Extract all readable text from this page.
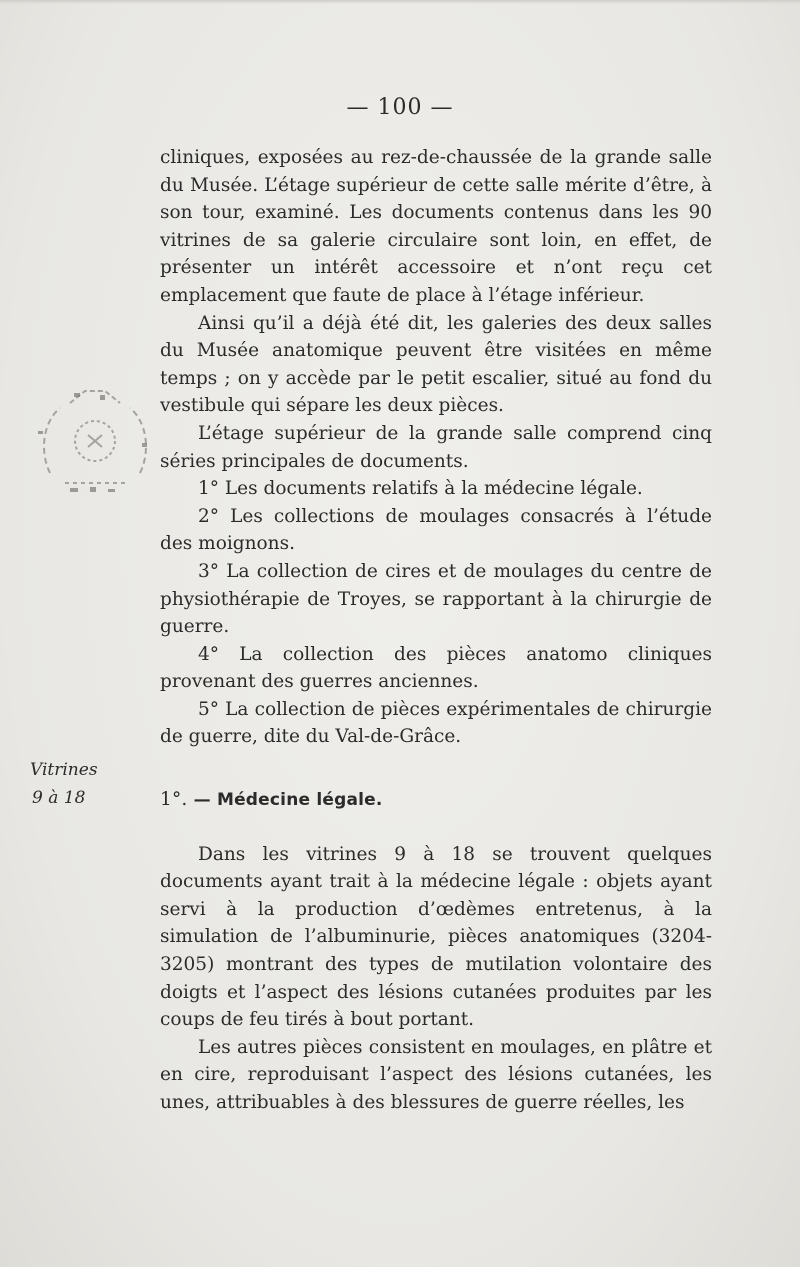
— 100 —

cliniques, exposées au rez-de-chaussée de la grande salle du Musée. L’étage supérieur de cette salle mérite d’être, à son tour, examiné. Les documents contenus dans les 90 vitrines de sa galerie circulaire sont loin, en effet, de présenter un intérêt accessoire et n’ont reçu cet emplacement que faute de place à l’étage inférieur.

Ainsi qu’il a déjà été dit, les galeries des deux salles du Musée anatomique peuvent être visitées en même temps ; on y accède par le petit escalier, situé au fond du vestibule qui sépare les deux pièces.

L’étage supérieur de la grande salle comprend cinq séries principales de documents.

1° Les documents relatifs à la médecine légale.

2° Les collections de moulages consacrés à l’étude des moignons.

3° La collection de cires et de moulages du centre de physiothérapie de Troyes, se rapportant à la chirurgie de guerre.

4° La collection des pièces anatomo cliniques provenant des guerres anciennes.

5° La collection de pièces expérimentales de chirurgie de guerre, dite du Val-de-Grâce.

Vitrines
9 à 18	1°. — Médecine légale.

Dans les vitrines 9 à 18 se trouvent quelques documents ayant trait à la médecine légale : objets ayant servi à la production d’œdèmes entretenus, à la simulation de l’albuminurie, pièces anatomiques (3204-3205) montrant des types de mutilation volontaire des doigts et l’aspect des lésions cutanées produites par les coups de feu tirés à bout portant.

Les autres pièces consistent en moulages, en plâtre et en cire, reproduisant l’aspect des lésions cutanées, les unes, attribuables à des blessures de guerre réelles, les
